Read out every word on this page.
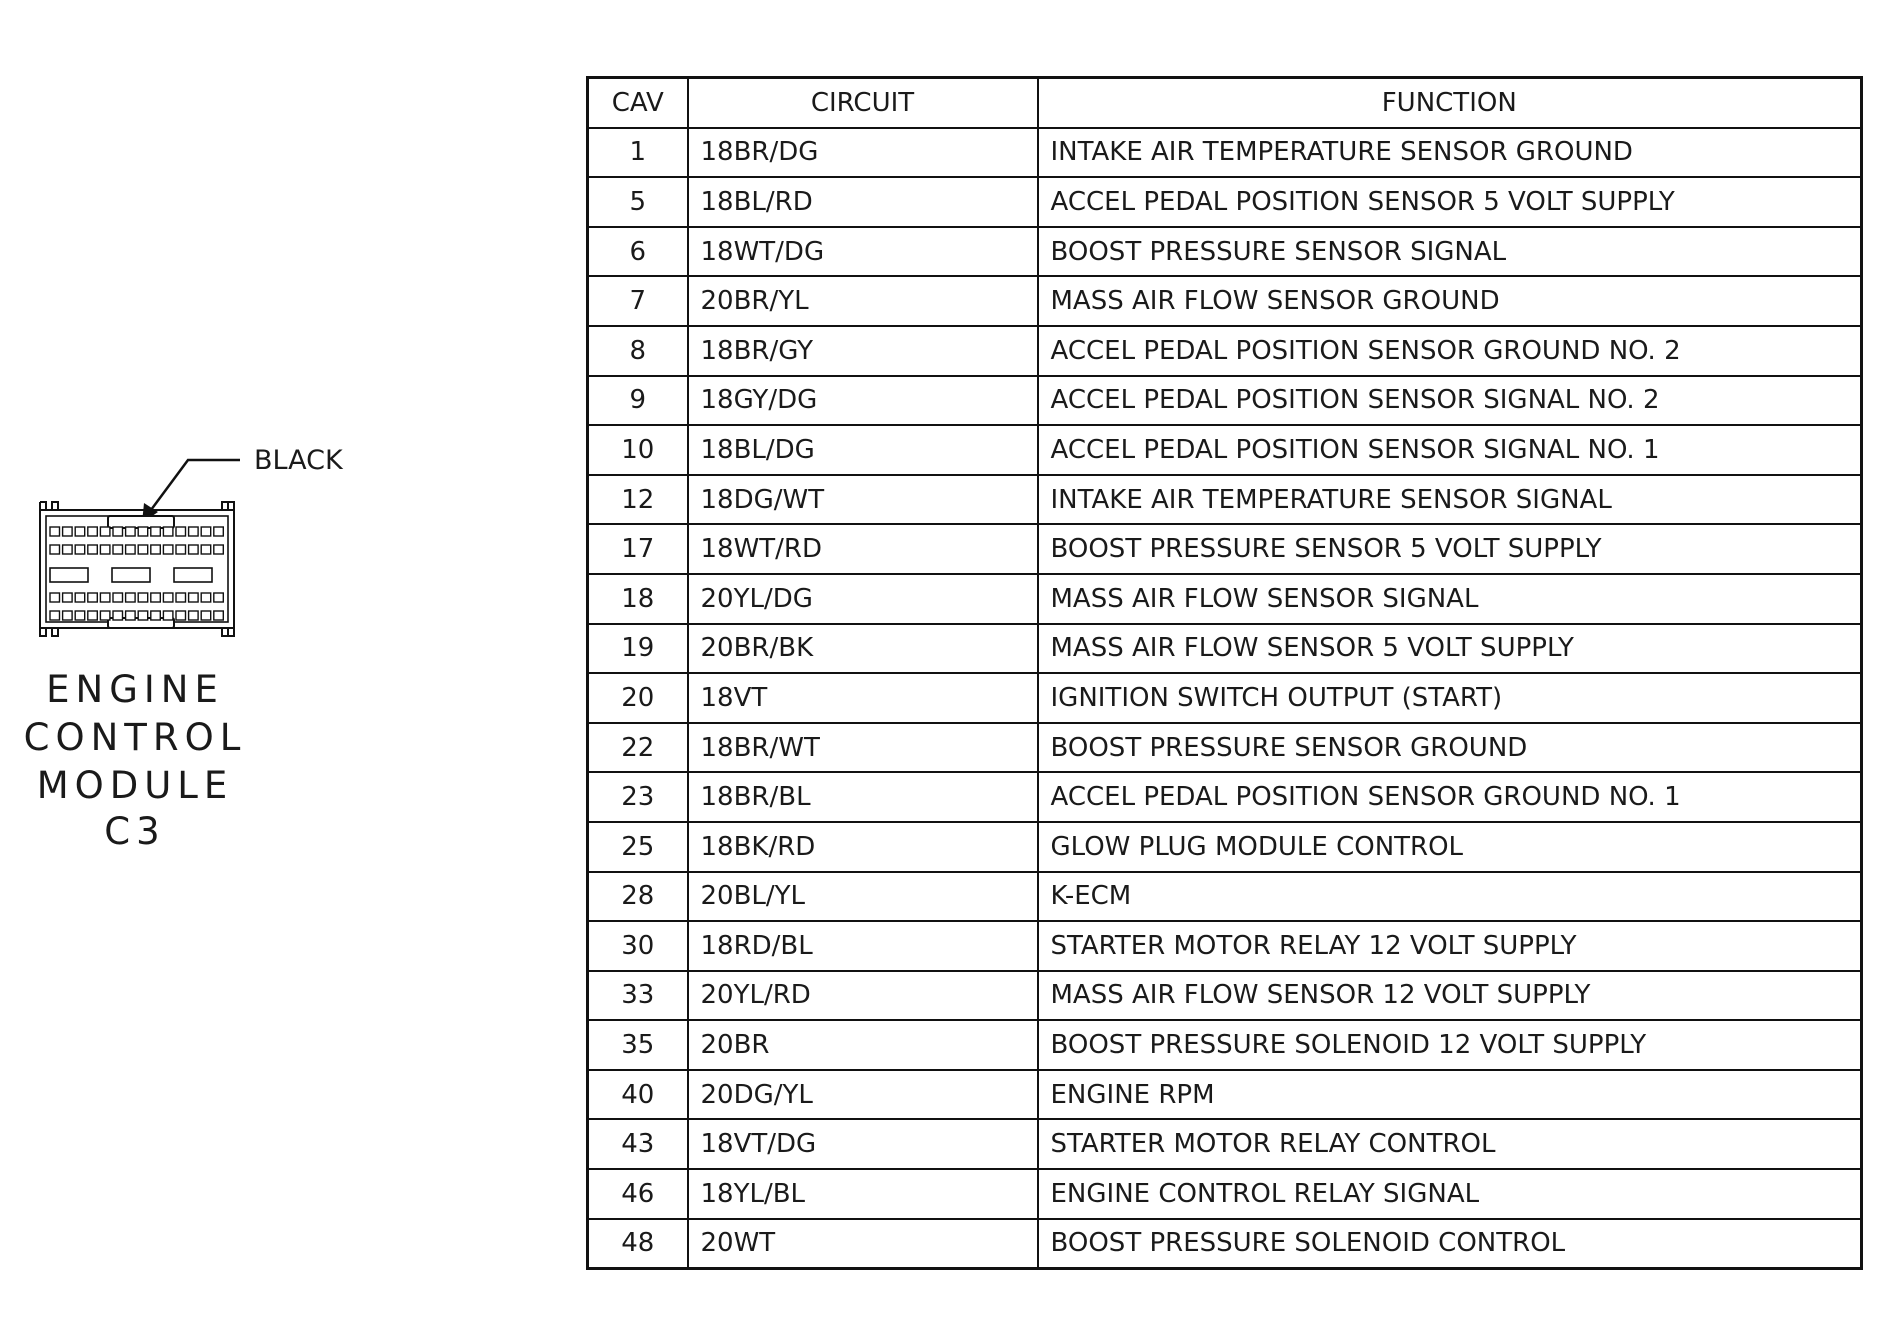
BLACK
ENGINE
CONTROL
MODULE
C3
CAV	CIRCUIT	FUNCTION
1	18BR/DG	INTAKE AIR TEMPERATURE SENSOR GROUND
5	18BL/RD	ACCEL PEDAL POSITION SENSOR 5 VOLT SUPPLY
6	18WT/DG	BOOST PRESSURE SENSOR SIGNAL
7	20BR/YL	MASS AIR FLOW SENSOR GROUND
8	18BR/GY	ACCEL PEDAL POSITION SENSOR GROUND NO. 2
9	18GY/DG	ACCEL PEDAL POSITION SENSOR SIGNAL NO. 2
10	18BL/DG	ACCEL PEDAL POSITION SENSOR SIGNAL NO. 1
12	18DG/WT	INTAKE AIR TEMPERATURE SENSOR SIGNAL
17	18WT/RD	BOOST PRESSURE SENSOR 5 VOLT SUPPLY
18	20YL/DG	MASS AIR FLOW SENSOR SIGNAL
19	20BR/BK	MASS AIR FLOW SENSOR 5 VOLT SUPPLY
20	18VT	IGNITION SWITCH OUTPUT (START)
22	18BR/WT	BOOST PRESSURE SENSOR GROUND
23	18BR/BL	ACCEL PEDAL POSITION SENSOR GROUND NO. 1
25	18BK/RD	GLOW PLUG MODULE CONTROL
28	20BL/YL	K-ECM
30	18RD/BL	STARTER MOTOR RELAY 12 VOLT SUPPLY
33	20YL/RD	MASS AIR FLOW SENSOR 12 VOLT SUPPLY
35	20BR	BOOST PRESSURE SOLENOID 12 VOLT SUPPLY
40	20DG/YL	ENGINE RPM
43	18VT/DG	STARTER MOTOR RELAY CONTROL
46	18YL/BL	ENGINE CONTROL RELAY SIGNAL
48	20WT	BOOST PRESSURE SOLENOID CONTROL
